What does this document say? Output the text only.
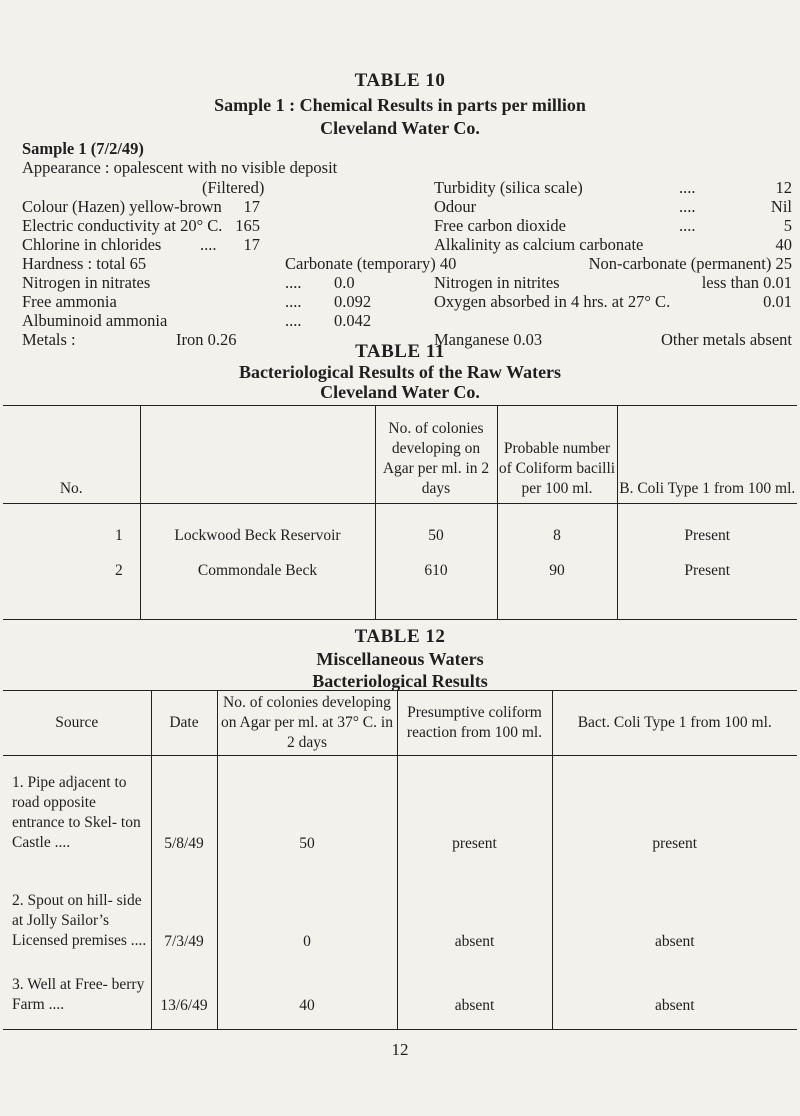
TABLE 10
Sample 1 : Chemical Results in parts per million
Cleveland Water Co.
Sample 1 (7/2/49)
Appearance : opalescent with no visible deposit
(Filtered)	Turbidity (silica scale)	....	12
Colour (Hazen) yellow-brown 17	Odour	....	Nil
Electric conductivity at 20° C. 165	Free carbon dioxide	....	5
Chlorine in chlorides .... 17	Alkalinity as calcium carbonate	40
Hardness : total 65	Carbonate (temporary) 40	Non-carbonate (permanent) 25
Nitrogen in nitrates	.... 0.0	Nitrogen in nitrites	less than 0.01
Free ammonia	.... 0.092	Oxygen absorbed in 4 hrs. at 27° C.	0.01
Albuminoid ammonia	.... 0.042
Metals :	Iron 0.26	Manganese 0.03	Other metals absent
TABLE 11
Bacteriological Results of the Raw Waters
Cleveland Water Co.
No.		No. of colonies developing on Agar per ml. in 2 days	Probable number of Coliform bacilli per 100 ml.	B. Coli Type 1 from 100 ml.
1	Lockwood Beck Reservoir	50	8	Present
2	Commondale Beck	610	90	Present

TABLE 12
Miscellaneous Waters
Bacteriological Results
Source	Date	No. of colonies developing on Agar per ml. at 37° C. in 2 days	Presumptive coliform reaction from 100 ml.	Bact. Coli Type 1 from 100 ml.
1. Pipe adjacent to road opposite entrance to Skel- ton Castle ....	5/8/49	50	present	present
2. Spout on hill- side at Jolly Sailor’s Licensed premises ....	7/3/49	0	absent	absent
3. Well at Free- berry Farm ....	13/6/49	40	absent	absent
12
